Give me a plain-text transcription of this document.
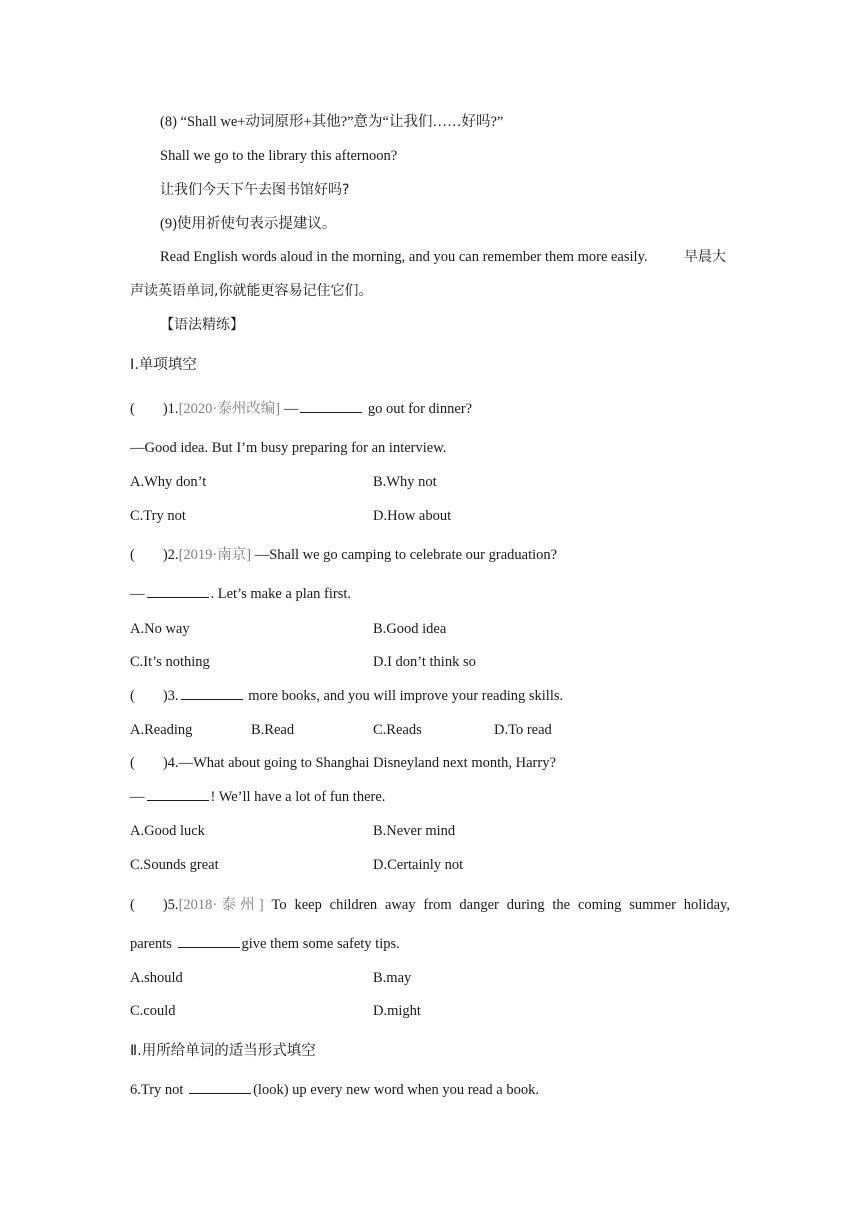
(8) “Shall we+动词原形+其他?”意为“让我们……好吗?”
Shall we go to the library this afternoon?
让我们今天下午去图书馆好吗?
(9)使用祈使句表示提建议。
Read English words aloud in the morning, and you can remember them more easily.	早晨大
声读英语单词,你就能更容易记住它们。
【语法精练】
Ⅰ.单项填空
( )1.[2020·泰州改编] —	go out for dinner?
—Good idea. But I’m busy preparing for an interview.
A.Why don’t	B.Why not
C.Try not	D.How about
( )2.[2019·南京] —Shall we go camping to celebrate our graduation?
—	. Let’s make a plan first.
A.No way	B.Good idea
C.It’s nothing	D.I don’t think so
( )3.	more books, and you will improve your reading skills.
A.Reading	B.Read	C.Reads	D.To read
( )4.—What about going to Shanghai Disneyland next month, Harry?
—	! We’ll have a lot of fun there.
A.Good luck	B.Never mind
C.Sounds great	D.Certainly not
( )5.[2018·泰州] To keep children away from danger during the coming summer holiday,
parents	give them some safety tips.
A.should	B.may
C.could	D.might
Ⅱ.用所给单词的适当形式填空
6.Try not	(look) up every new word when you read a book.
